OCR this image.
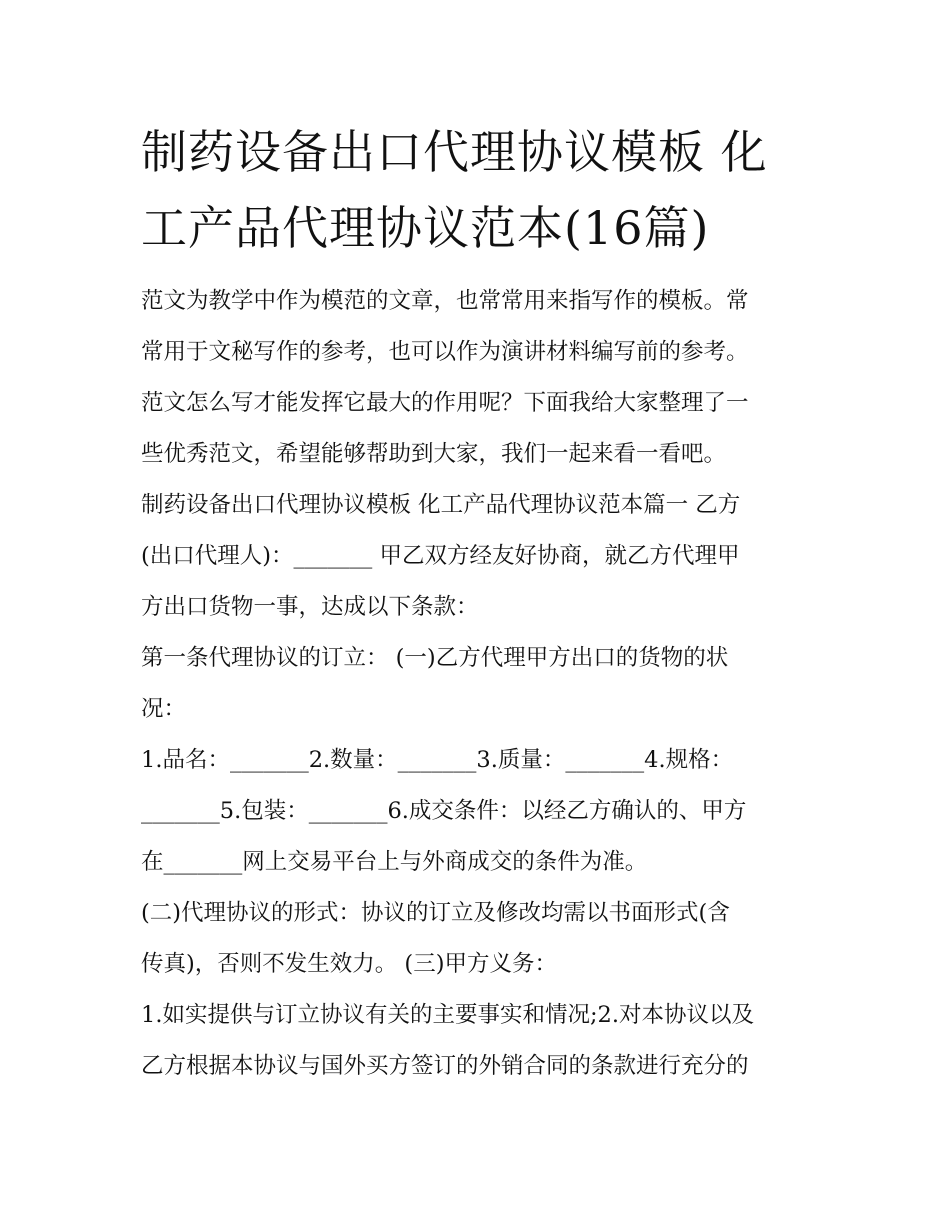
制药设备出口代理协议模板 化
工产品代理协议范本(16篇)

范文为教学中作为模范的文章，也常常用来指写作的模板。常
常用于文秘写作的参考，也可以作为演讲材料编写前的参考。
范文怎么写才能发挥它最大的作用呢？下面我给大家整理了一
些优秀范文，希望能够帮助到大家，我们一起来看一看吧。

制药设备出口代理协议模板 化工产品代理协议范本篇一 乙方
(出口代理人)：_______ 甲乙双方经友好协商，就乙方代理甲
方出口货物一事，达成以下条款：

第一条代理协议的订立： (一)乙方代理甲方出口的货物的状
况：

1.品名：_______2.数量：_______3.质量：_______4.规格：
_______5.包装：_______6.成交条件：以经乙方确认的、甲方
在_______网上交易平台上与外商成交的条件为准。

(二)代理协议的形式：协议的订立及修改均需以书面形式(含
传真)，否则不发生效力。 (三)甲方义务：

1.如实提供与订立协议有关的主要事实和情况;2.对本协议以及
乙方根据本协议与国外买方签订的外销合同的条款进行充分的
